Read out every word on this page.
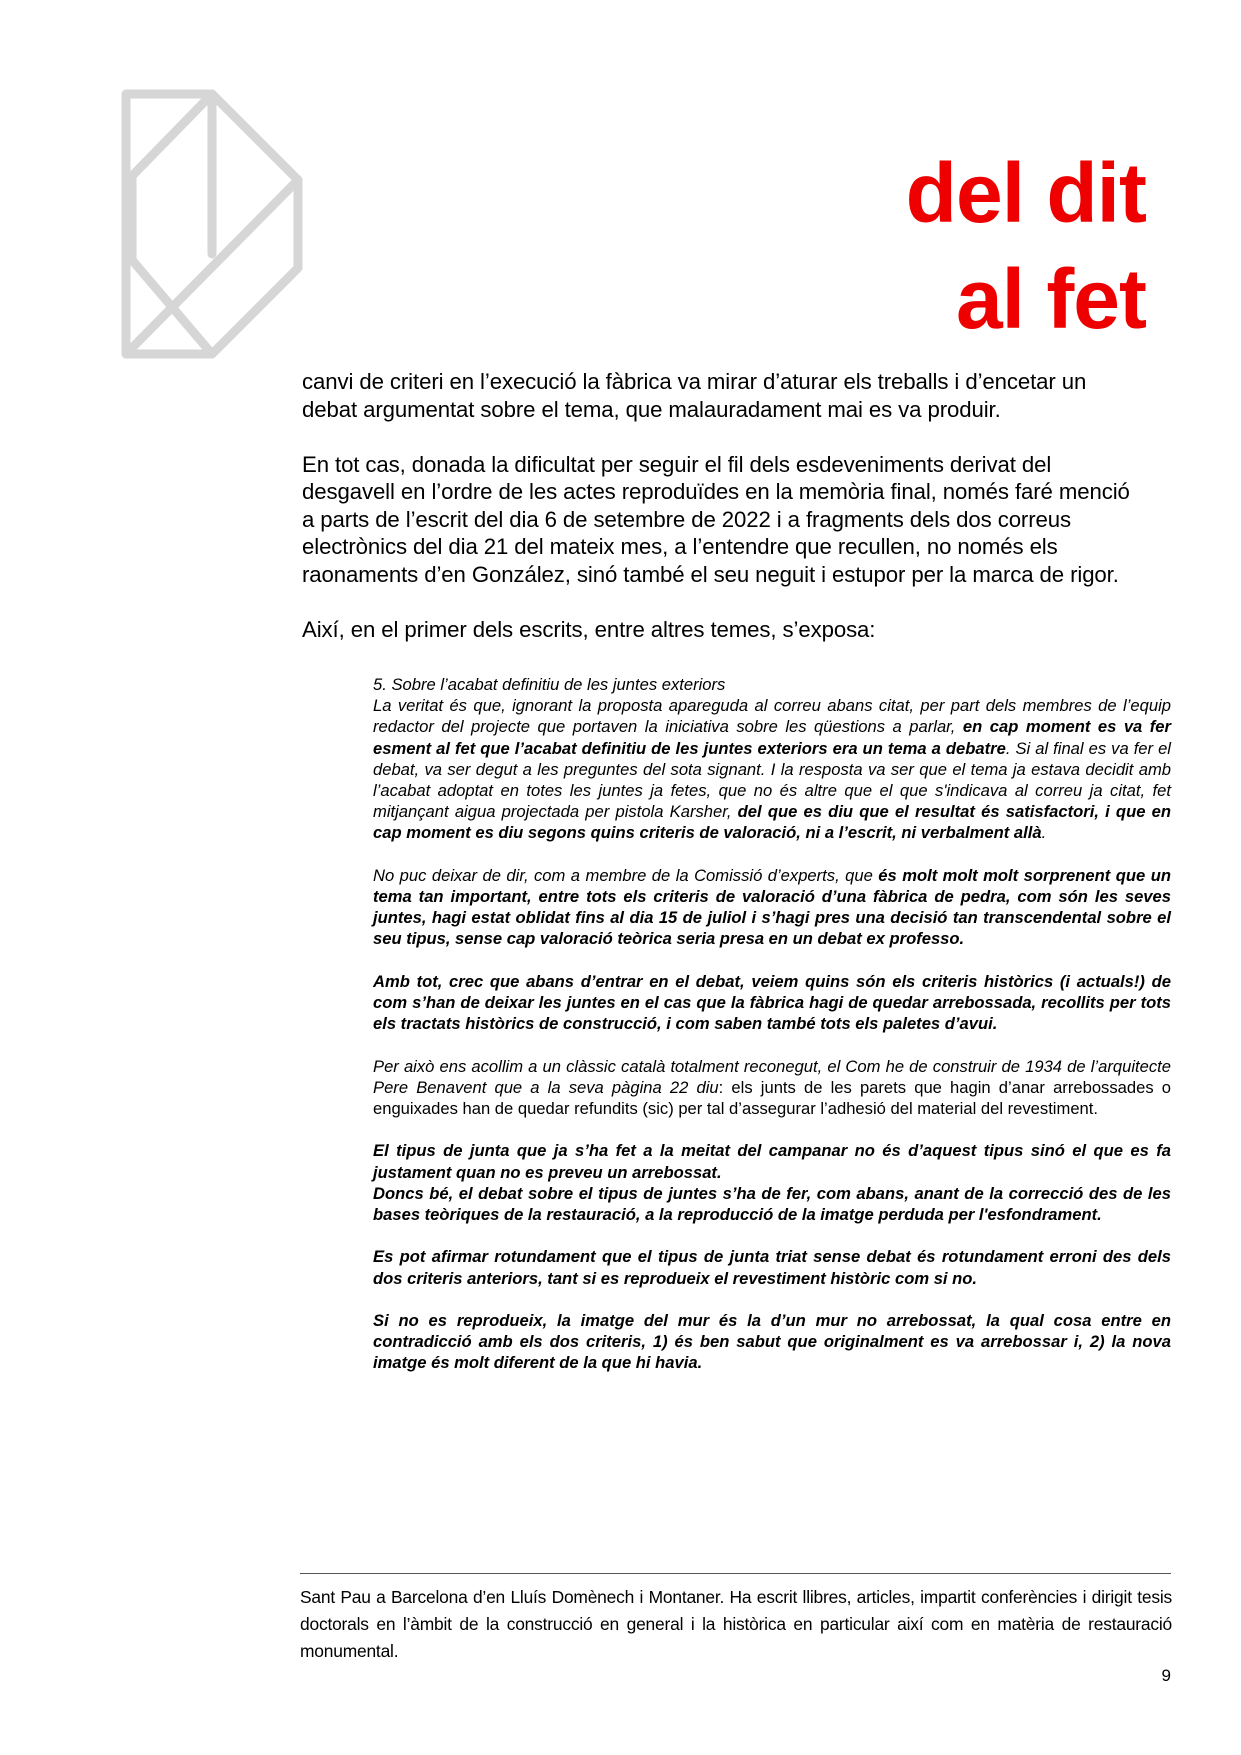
del dit
al fet

canvi de criteri en l’execució la fàbrica va mirar d’aturar els treballs i d’encetar un debat argumentat sobre el tema, que malauradament mai es va produir.

En tot cas, donada la dificultat per seguir el fil dels esdeveniments derivat del desgavell en l’ordre de les actes reproduïdes en la memòria final, només faré menció a parts de l’escrit del dia 6 de setembre de 2022 i a fragments dels dos correus electrònics del dia 21 del mateix mes, a l’entendre que recullen, no només els raonaments d’en González, sinó també el seu neguit i estupor per la marca de rigor.

Així, en el primer dels escrits, entre altres temes, s’exposa:

5. Sobre l’acabat definitiu de les juntes exteriors

La veritat és que, ignorant la proposta apareguda al correu abans citat, per part dels membres de l’equip redactor del projecte que portaven la iniciativa sobre les qüestions a parlar, en cap moment es va fer esment al fet que l’acabat definitiu de les juntes exteriors era un tema a debatre. Si al final es va fer el debat, va ser degut a les preguntes del sota signant. I la resposta va ser que el tema ja estava decidit amb l’acabat adoptat en totes les juntes ja fetes, que no és altre que el que s'indicava al correu ja citat, fet mitjançant aigua projectada per pistola Karsher, del que es diu que el resultat és satisfactori, i que en cap moment es diu segons quins criteris de valoració, ni a l’escrit, ni verbalment allà.

No puc deixar de dir, com a membre de la Comissió d’experts, que és molt molt molt sorprenent que un tema tan important, entre tots els criteris de valoració d’una fàbrica de pedra, com són les seves juntes, hagi estat oblidat fins al dia 15 de juliol i s’hagi pres una decisió tan transcendental sobre el seu tipus, sense cap valoració teòrica seria presa en un debat ex professo.

Amb tot, crec que abans d’entrar en el debat, veiem quins són els criteris històrics (i actuals!) de com s’han de deixar les juntes en el cas que la fàbrica hagi de quedar arrebossada, recollits per tots els tractats històrics de construcció, i com saben també tots els paletes d’avui.

Per això ens acollim a un clàssic català totalment reconegut, el Com he de construir de 1934 de l’arquitecte Pere Benavent que a la seva pàgina 22 diu: els junts de les parets que hagin d’anar arrebossades o enguixades han de quedar refundits (sic) per tal d’assegurar l’adhesió del material del revestiment.

El tipus de junta que ja s’ha fet a la meitat del campanar no és d’aquest tipus sinó el que es fa justament quan no es preveu un arrebossat.
Doncs bé, el debat sobre el tipus de juntes s’ha de fer, com abans, anant de la correcció des de les bases teòriques de la restauració, a la reproducció de la imatge perduda per l'esfondrament.

Es pot afirmar rotundament que el tipus de junta triat sense debat és rotundament erroni des dels dos criteris anteriors, tant si es reprodueix el revestiment històric com si no.

Si no es reprodueix, la imatge del mur és la d’un mur no arrebossat, la qual cosa entre en contradicció amb els dos criteris, 1) és ben sabut que originalment es va arrebossar i, 2) la nova imatge és molt diferent de la que hi havia.

Sant Pau a Barcelona d’en Lluís Domènech i Montaner. Ha escrit llibres, articles, impartit conferències i dirigit tesis doctorals en l’àmbit de la construcció en general i la històrica en particular així com en matèria de restauració monumental.
9
